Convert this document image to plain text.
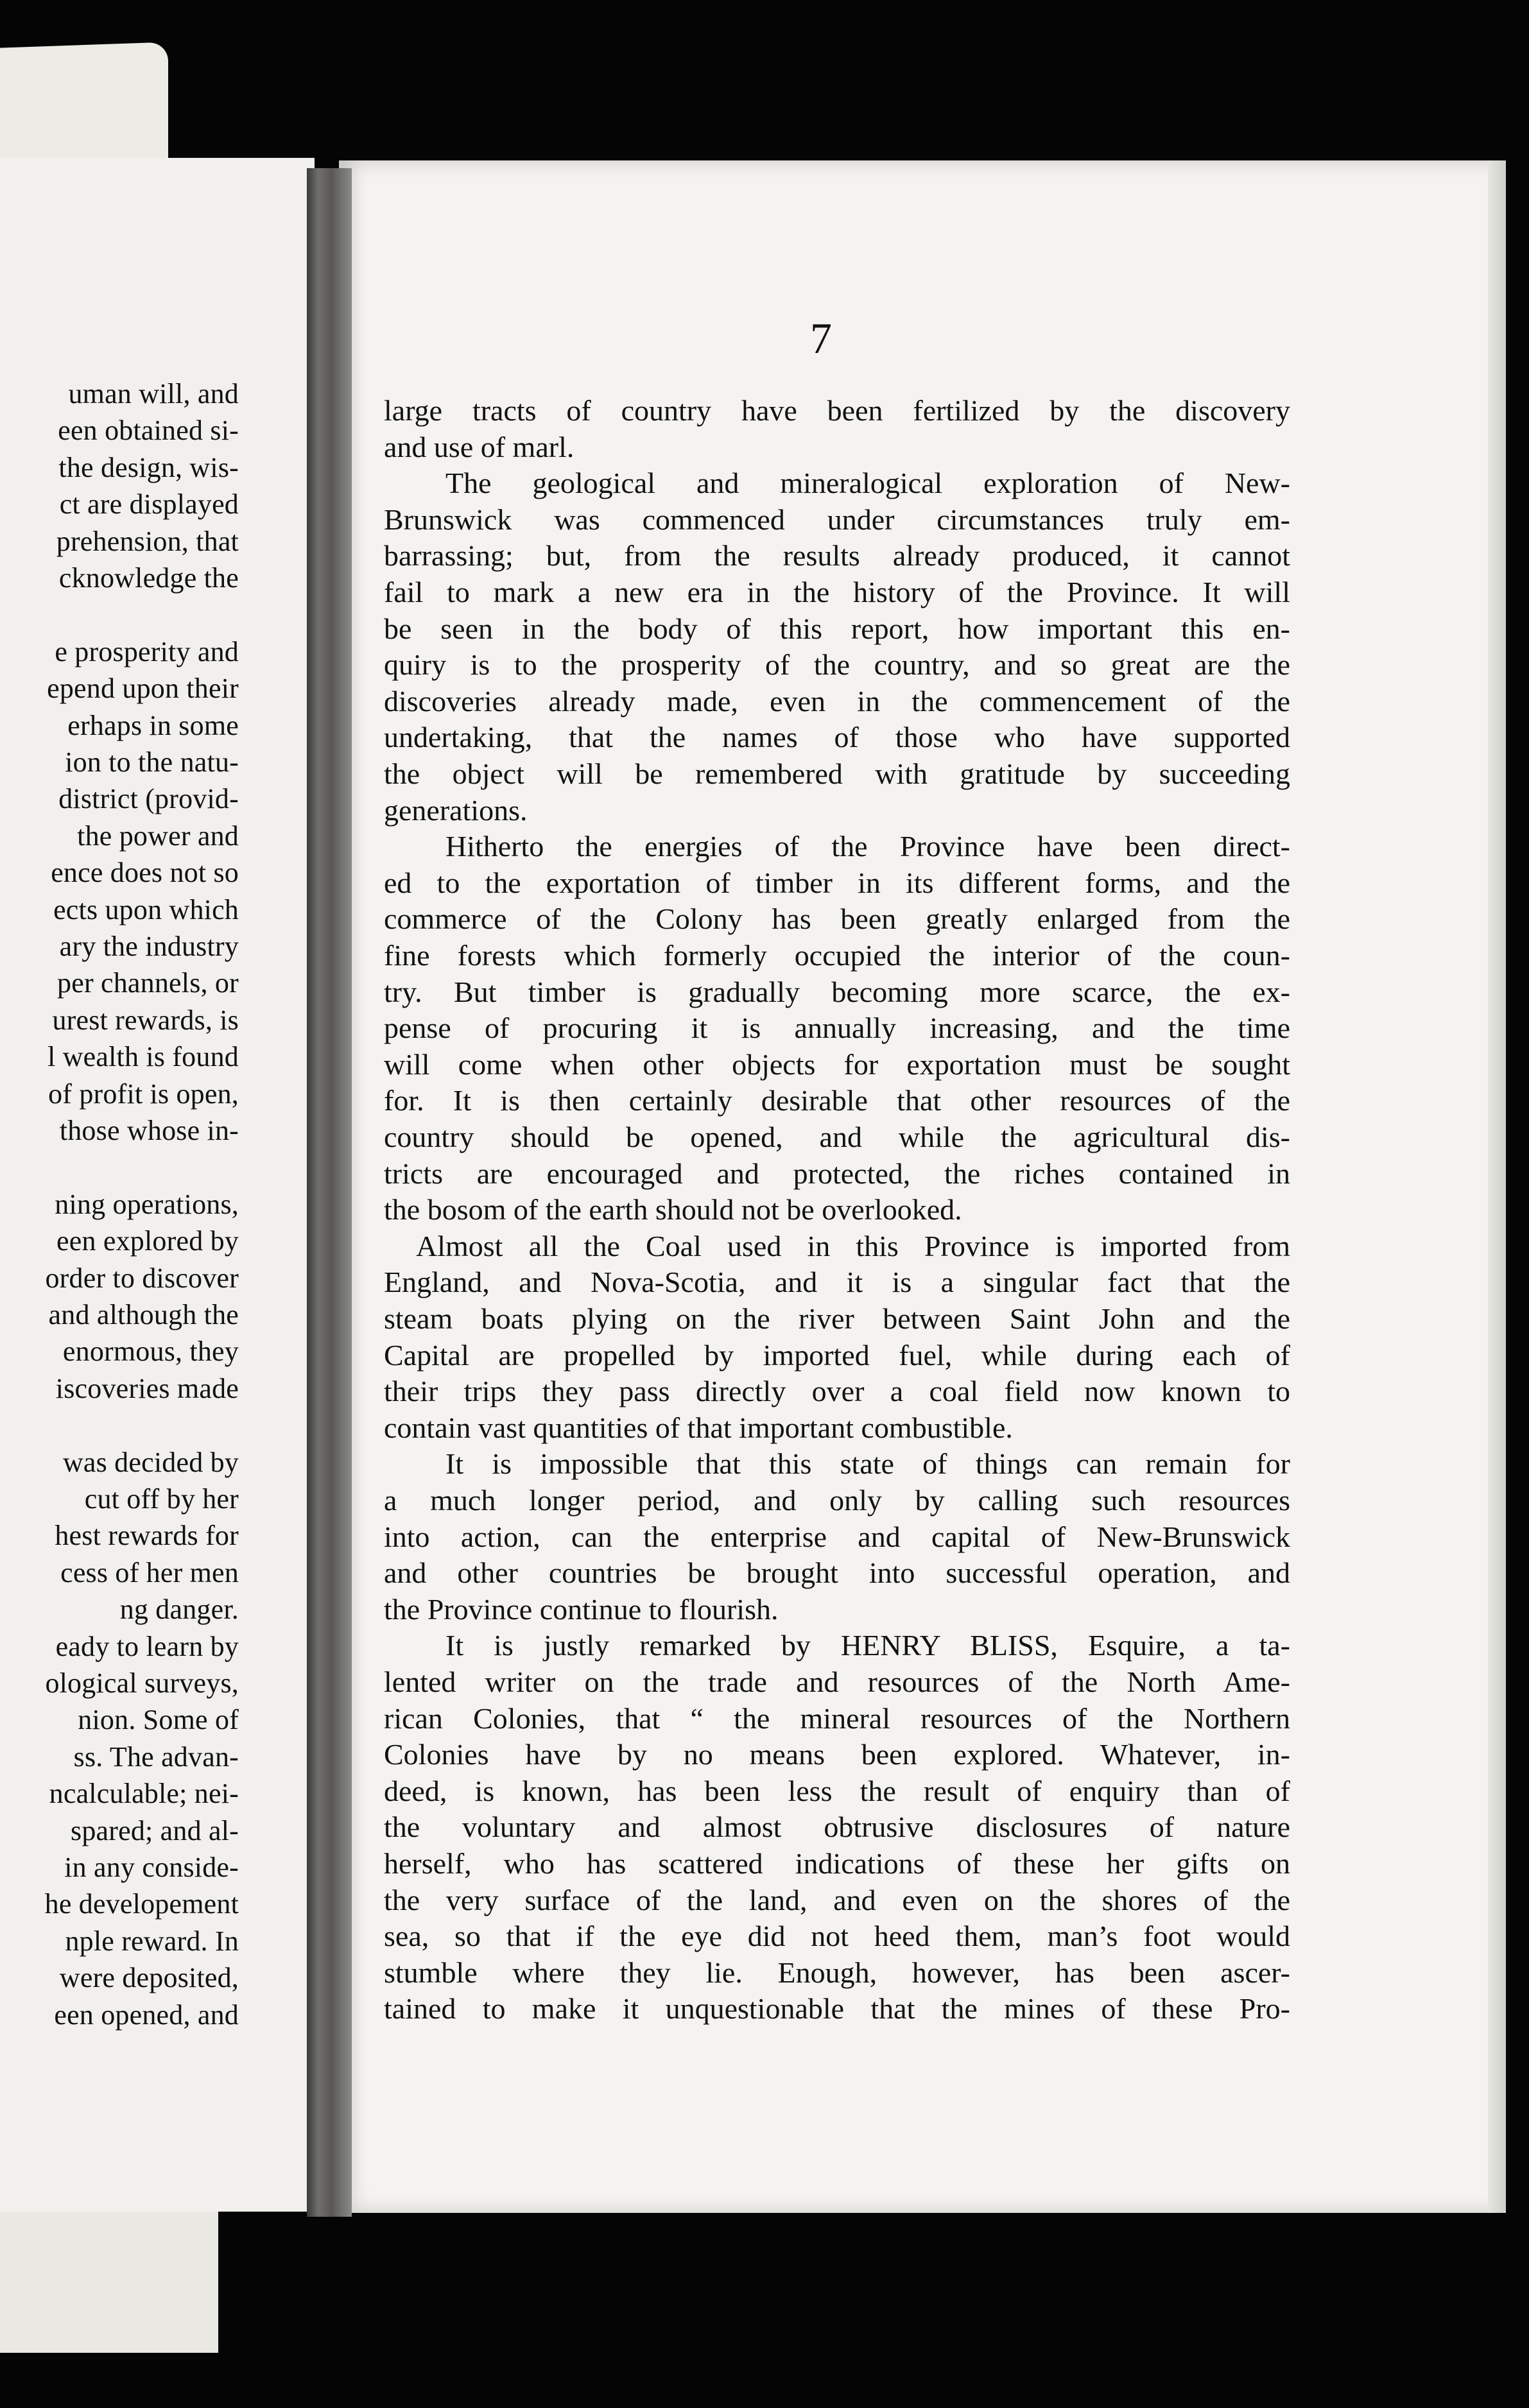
uman will, and
een obtained si-
the design, wis-
ct are displayed
prehension, that
cknowledge the
e prosperity and
epend upon their
erhaps in some
ion to the natu-
district (provid-
the power and
ence does not so
ects upon which
ary the industry
per channels, or
urest rewards, is
l wealth is found
of profit is open,
those whose in-
ning operations,
een explored by
order to discover
and although the
enormous, they
iscoveries made
was decided by
cut off by her
hest rewards for
cess of her men
ng danger.
eady to learn by
ological surveys,
nion. Some of
ss. The advan-
ncalculable; nei-
spared; and al-
in any conside-
he developement
nple reward. In
were deposited,
een opened, and
7
large tracts of country have been fertilized by the discovery
and use of marl.
The geological and mineralogical exploration of New-
Brunswick was commenced under circumstances truly em-
barrassing; but, from the results already produced, it cannot
fail to mark a new era in the history of the Province. It will
be seen in the body of this report, how important this en-
quiry is to the prosperity of the country, and so great are the
discoveries already made, even in the commencement of the
undertaking, that the names of those who have supported
the object will be remembered with gratitude by succeeding
generations.
Hitherto the energies of the Province have been direct-
ed to the exportation of timber in its different forms, and the
commerce of the Colony has been greatly enlarged from the
fine forests which formerly occupied the interior of the coun-
try. But timber is gradually becoming more scarce, the ex-
pense of procuring it is annually increasing, and the time
will come when other objects for exportation must be sought
for. It is then certainly desirable that other resources of the
country should be opened, and while the agricultural dis-
tricts are encouraged and protected, the riches contained in
the bosom of the earth should not be overlooked.
Almost all the Coal used in this Province is imported from
England, and Nova-Scotia, and it is a singular fact that the
steam boats plying on the river between Saint John and the
Capital are propelled by imported fuel, while during each of
their trips they pass directly over a coal field now known to
contain vast quantities of that important combustible.
It is impossible that this state of things can remain for
a much longer period, and only by calling such resources
into action, can the enterprise and capital of New-Brunswick
and other countries be brought into successful operation, and
the Province continue to flourish.
It is justly remarked by HENRY BLISS, Esquire, a ta-
lented writer on the trade and resources of the North Ame-
rican Colonies, that “ the mineral resources of the Northern
Colonies have by no means been explored. Whatever, in-
deed, is known, has been less the result of enquiry than of
the voluntary and almost obtrusive disclosures of nature
herself, who has scattered indications of these her gifts on
the very surface of the land, and even on the shores of the
sea, so that if the eye did not heed them, man’s foot would
stumble where they lie. Enough, however, has been ascer-
tained to make it unquestionable that the mines of these Pro-
